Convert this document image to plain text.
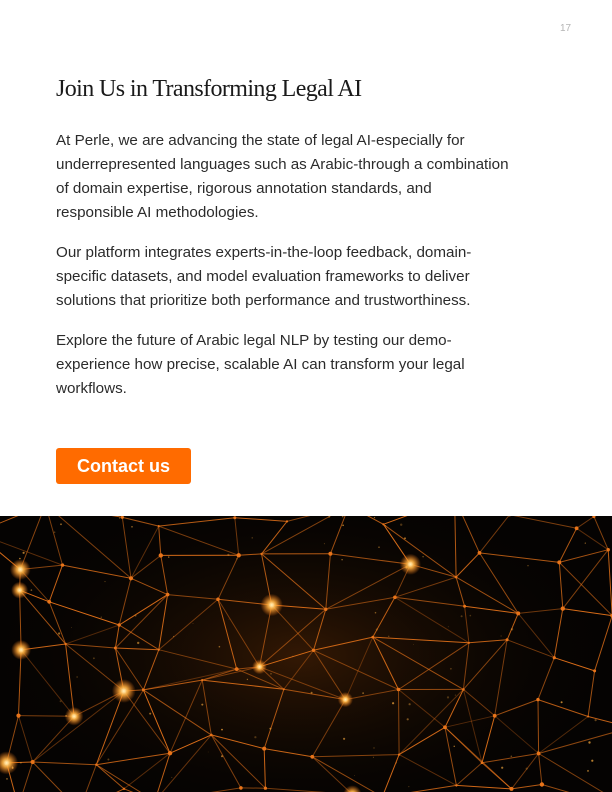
17
Join Us in Transforming Legal AI

At Perle, we are advancing the state of legal AI-especially for underrepresented languages such as Arabic-through a combination of domain expertise, rigorous annotation standards, and responsible AI methodologies.

Our platform integrates experts-in-the-loop feedback, domain-specific datasets, and model evaluation frameworks to deliver solutions that prioritize both performance and trustworthiness.

Explore the future of Arabic legal NLP by testing our demo-experience how precise, scalable AI can transform your legal workflows.

Contact us
